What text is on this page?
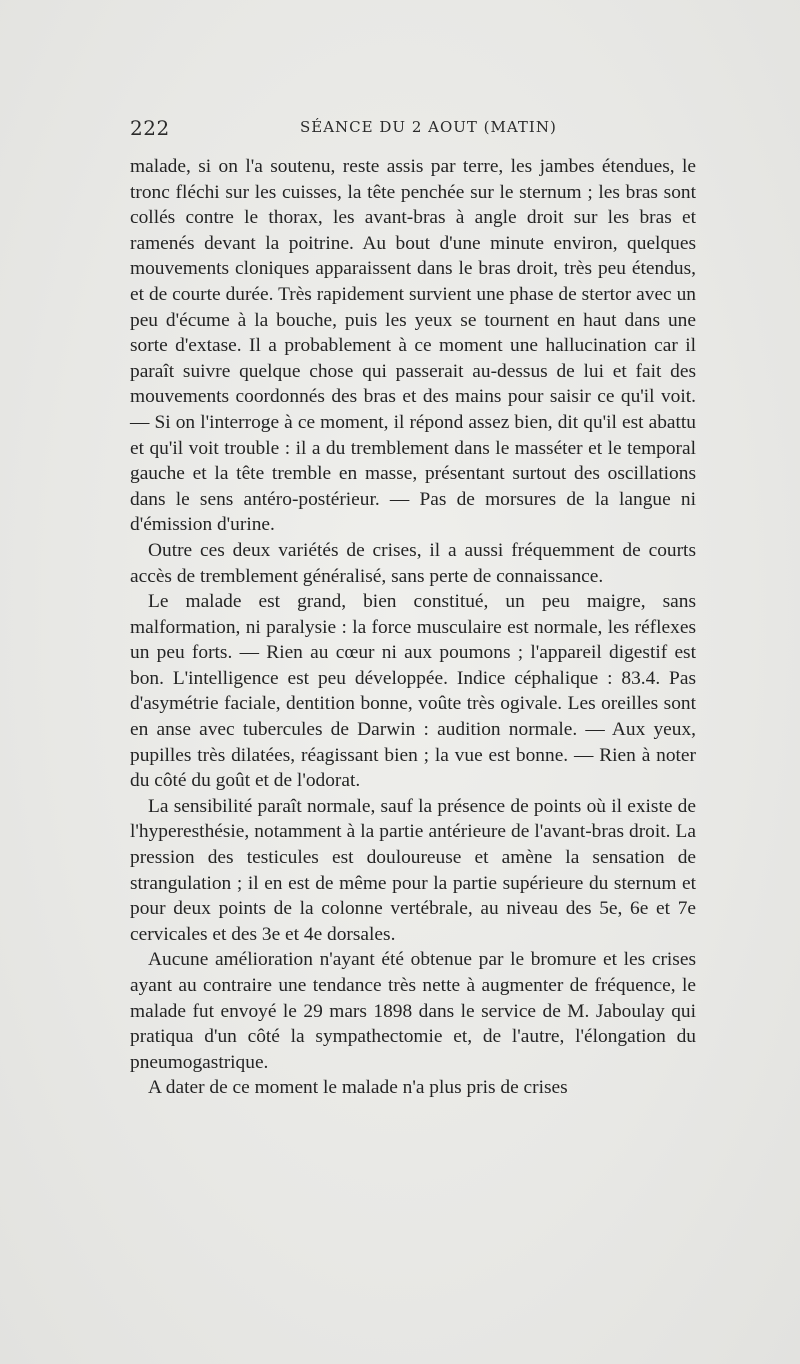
222	SÉANCE DU 2 AOUT (MATIN)

malade, si on l'a soutenu, reste assis par terre, les jambes étendues, le tronc fléchi sur les cuisses, la tête penchée sur le sternum ; les bras sont collés contre le thorax, les avant-bras à angle droit sur les bras et ramenés devant la poitrine. Au bout d'une minute environ, quelques mouvements cloniques apparaissent dans le bras droit, très peu étendus, et de courte durée. Très rapidement survient une phase de stertor avec un peu d'écume à la bouche, puis les yeux se tournent en haut dans une sorte d'extase. Il a probablement à ce moment une hallucination car il paraît suivre quelque chose qui passerait au-dessus de lui et fait des mouvements coordonnés des bras et des mains pour saisir ce qu'il voit. — Si on l'interroge à ce moment, il répond assez bien, dit qu'il est abattu et qu'il voit trouble : il a du tremblement dans le masséter et le temporal gauche et la tête tremble en masse, présentant surtout des oscillations dans le sens antéro-postérieur. — Pas de morsures de la langue ni d'émission d'urine.

Outre ces deux variétés de crises, il a aussi fréquemment de courts accès de tremblement généralisé, sans perte de connaissance.

Le malade est grand, bien constitué, un peu maigre, sans malformation, ni paralysie : la force musculaire est normale, les réflexes un peu forts. — Rien au cœur ni aux poumons ; l'appareil digestif est bon. L'intelligence est peu développée. Indice céphalique : 83.4. Pas d'asymétrie faciale, dentition bonne, voûte très ogivale. Les oreilles sont en anse avec tubercules de Darwin : audition normale. — Aux yeux, pupilles très dilatées, réagissant bien ; la vue est bonne. — Rien à noter du côté du goût et de l'odorat.

La sensibilité paraît normale, sauf la présence de points où il existe de l'hyperesthésie, notamment à la partie antérieure de l'avant-bras droit. La pression des testicules est douloureuse et amène la sensation de strangulation ; il en est de même pour la partie supérieure du sternum et pour deux points de la colonne vertébrale, au niveau des 5e, 6e et 7e cervicales et des 3e et 4e dorsales.

Aucune amélioration n'ayant été obtenue par le bromure et les crises ayant au contraire une tendance très nette à augmenter de fréquence, le malade fut envoyé le 29 mars 1898 dans le service de M. Jaboulay qui pratiqua d'un côté la sympathectomie et, de l'autre, l'élongation du pneumogastrique.

A dater de ce moment le malade n'a plus pris de crises
